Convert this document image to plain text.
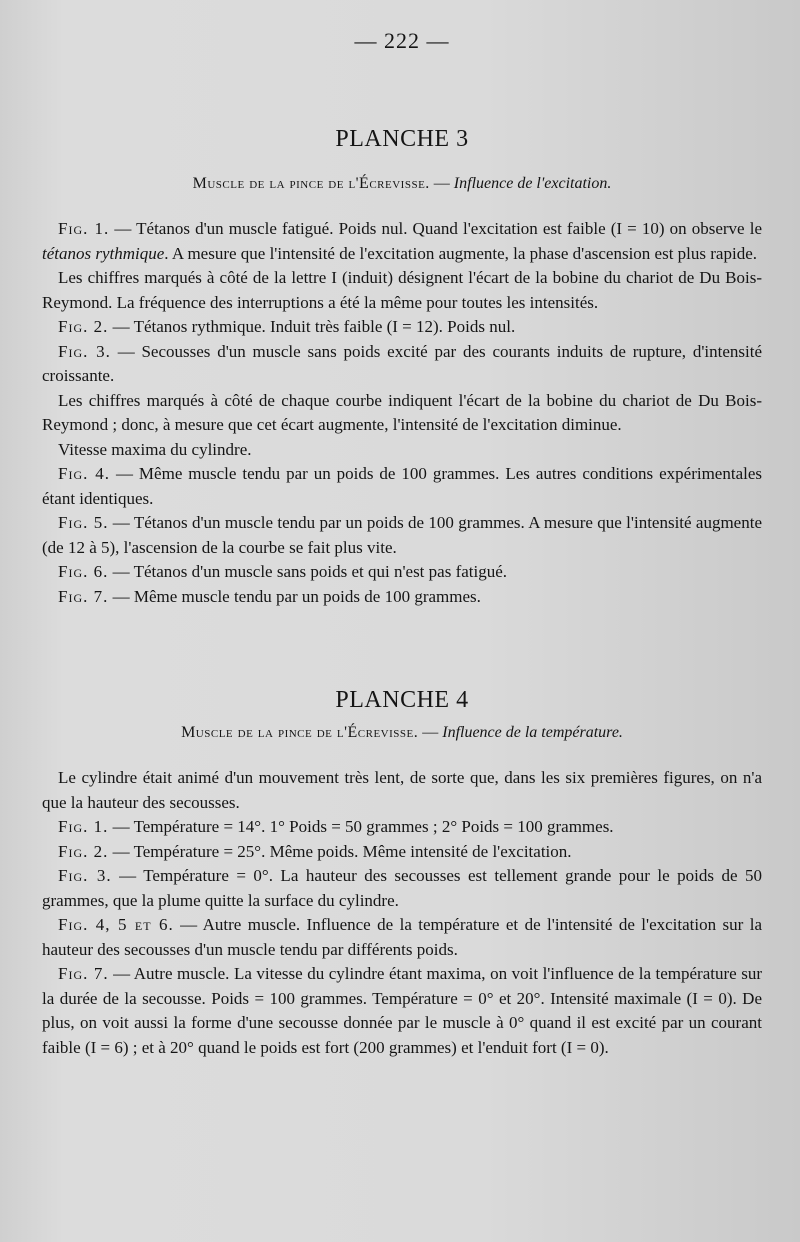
— 222 —
PLANCHE 3
Muscle de la pince de l'Écrevisse. — Influence de l'excitation.

Fig. 1. — Tétanos d'un muscle fatigué. Poids nul. Quand l'excitation est faible (I = 10) on observe le tétanos rythmique. A mesure que l'intensité de l'excitation augmente, la phase d'ascension est plus rapide.

Les chiffres marqués à côté de la lettre I (induit) désignent l'écart de la bobine du chariot de Du Bois-Reymond. La fréquence des interruptions a été la même pour toutes les intensités.

Fig. 2. — Tétanos rythmique. Induit très faible (I = 12). Poids nul.

Fig. 3. — Secousses d'un muscle sans poids excité par des courants induits de rupture, d'intensité croissante.

Les chiffres marqués à côté de chaque courbe indiquent l'écart de la bobine du chariot de Du Bois-Reymond ; donc, à mesure que cet écart augmente, l'intensité de l'excitation diminue.

Vitesse maxima du cylindre.

Fig. 4. — Même muscle tendu par un poids de 100 grammes. Les autres conditions expérimentales étant identiques.

Fig. 5. — Tétanos d'un muscle tendu par un poids de 100 grammes. A mesure que l'intensité augmente (de 12 à 5), l'ascension de la courbe se fait plus vite.

Fig. 6. — Tétanos d'un muscle sans poids et qui n'est pas fatigué.

Fig. 7. — Même muscle tendu par un poids de 100 grammes.

PLANCHE 4
Muscle de la pince de l'Écrevisse. — Influence de la température.

Le cylindre était animé d'un mouvement très lent, de sorte que, dans les six premières figures, on n'a que la hauteur des secousses.

Fig. 1. — Température = 14°. 1° Poids = 50 grammes ; 2° Poids = 100 grammes.

Fig. 2. — Température = 25°. Même poids. Même intensité de l'excitation.

Fig. 3. — Température = 0°. La hauteur des secousses est tellement grande pour le poids de 50 grammes, que la plume quitte la surface du cylindre.

Fig. 4, 5 et 6. — Autre muscle. Influence de la température et de l'intensité de l'excitation sur la hauteur des secousses d'un muscle tendu par différents poids.

Fig. 7. — Autre muscle. La vitesse du cylindre étant maxima, on voit l'influence de la température sur la durée de la secousse. Poids = 100 grammes. Température = 0° et 20°. Intensité maximale (I = 0). De plus, on voit aussi la forme d'une secousse donnée par le muscle à 0° quand il est excité par un courant faible (I = 6) ; et à 20° quand le poids est fort (200 grammes) et l'enduit fort (I = 0).
